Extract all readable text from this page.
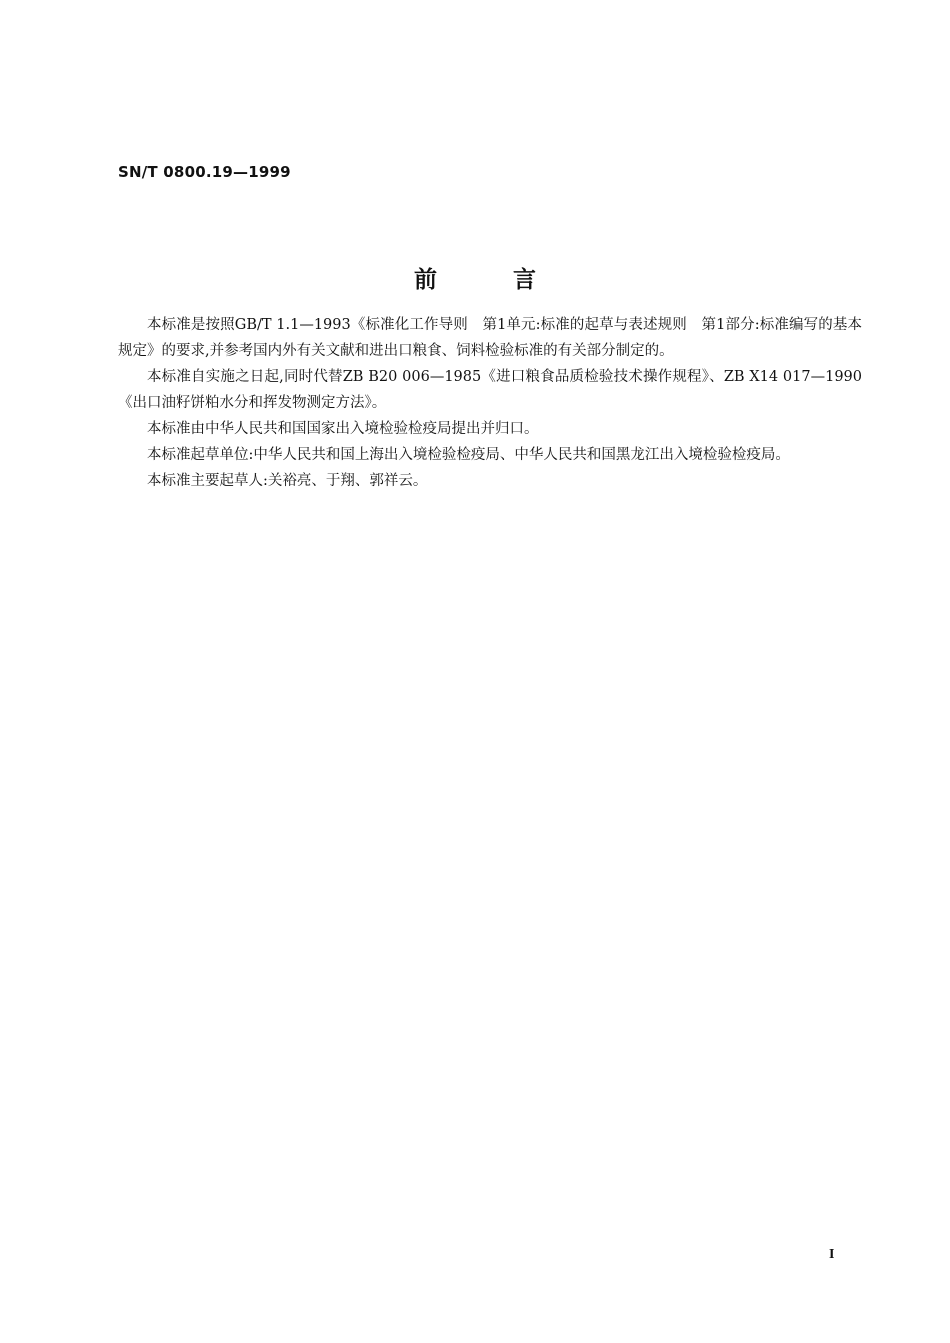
SN/T 0800.19—1999
前言

本标准是按照GB/T 1.1—1993《标准化工作导则　第1单元:标准的起草与表述规则　第1部分:标准编写的基本规定》的要求,并参考国内外有关文献和进出口粮食、饲料检验标准的有关部分制定的。

本标准自实施之日起,同时代替ZB B20 006—1985《进口粮食品质检验技术操作规程》、ZB X14 017—1990《出口油籽饼粕水分和挥发物测定方法》。

本标准由中华人民共和国国家出入境检验检疫局提出并归口。

本标准起草单位:中华人民共和国上海出入境检验检疫局、中华人民共和国黑龙江出入境检验检疫局。

本标准主要起草人:关裕亮、于翔、郭祥云。

I
